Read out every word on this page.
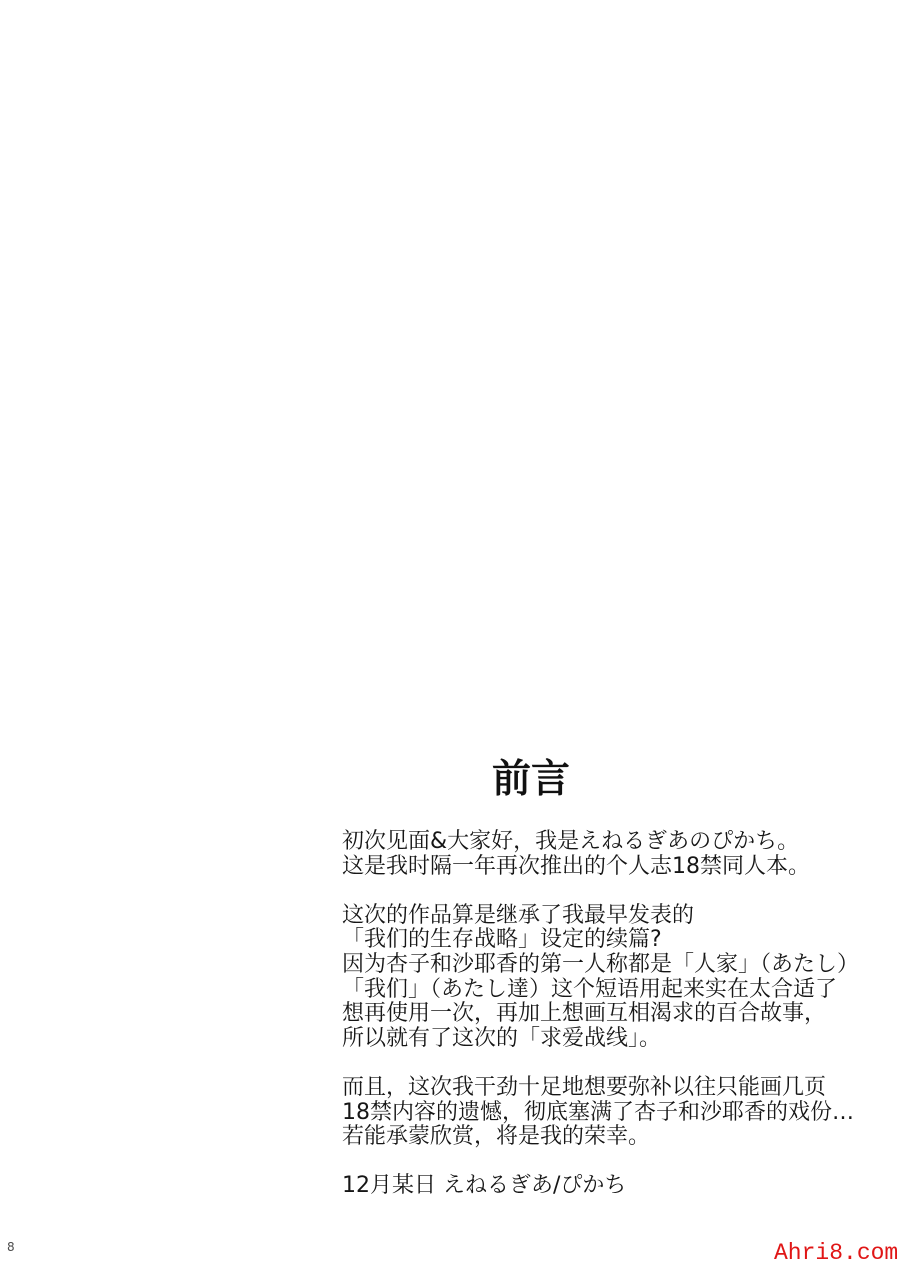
前言

初次见面&大家好，我是えねるぎあのぴかち。
这是我时隔一年再次推出的个人志18禁同人本。

这次的作品算是继承了我最早发表的
「我们的生存战略」设定的续篇?
因为杏子和沙耶香的第一人称都是「人家」（あたし）
「我们」（あたし達）这个短语用起来实在太合适了
想再使用一次，再加上想画互相渴求的百合故事，
所以就有了这次的「求爱战线」。

而且，这次我干劲十足地想要弥补以往只能画几页
18禁内容的遗憾，彻底塞满了杏子和沙耶香的戏份…
若能承蒙欣赏，将是我的荣幸。

12月某日 えねるぎあ/ぴかち

8	Ahri8.com
